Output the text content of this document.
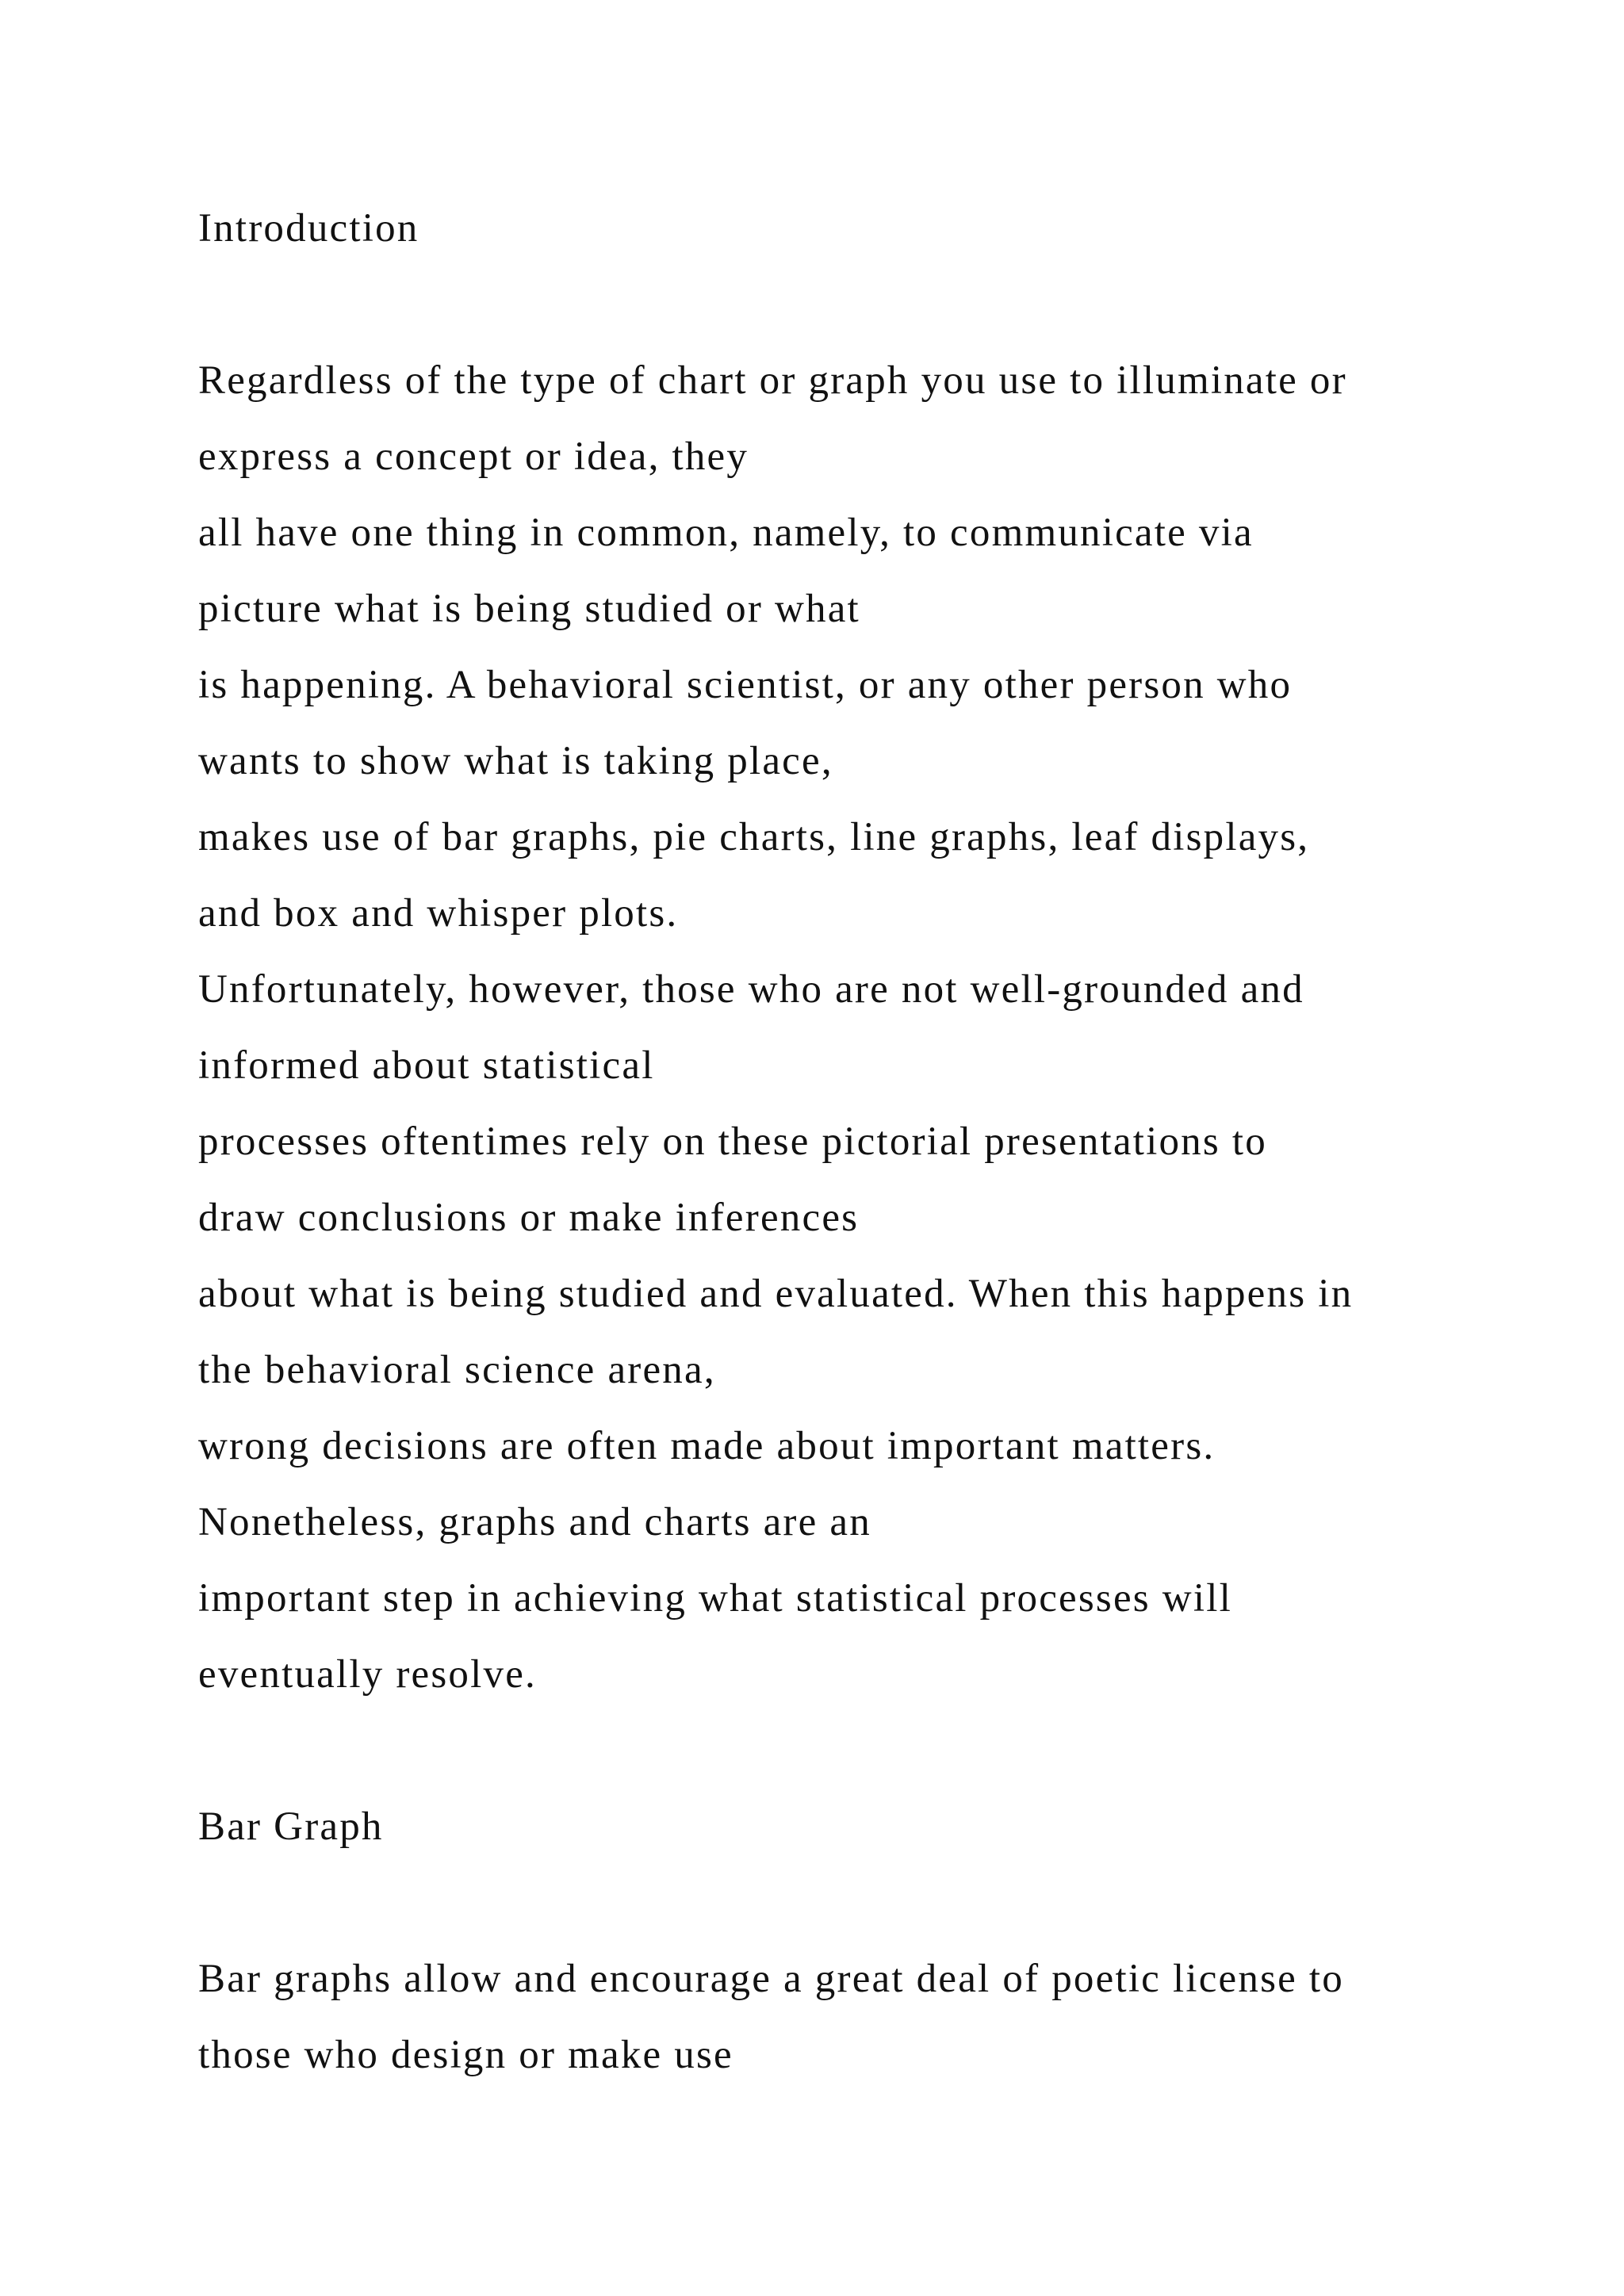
Introduction
Regardless of the type of chart or graph you use to illuminate or
express a concept or idea, they
all have one thing in common, namely, to communicate via
picture what is being studied or what
is happening. A behavioral scientist, or any other person who
wants to show what is taking place,
makes use of bar graphs, pie charts, line graphs, leaf displays,
and box and whisper plots.
Unfortunately, however, those who are not well-grounded and
informed about statistical
processes oftentimes rely on these pictorial presentations to
draw conclusions or make inferences
about what is being studied and evaluated. When this happens in
the behavioral science arena,
wrong decisions are often made about important matters.
Nonetheless, graphs and charts are an
important step in achieving what statistical processes will
eventually resolve.
Bar Graph
Bar graphs allow and encourage a great deal of poetic license to
those who design or make use
